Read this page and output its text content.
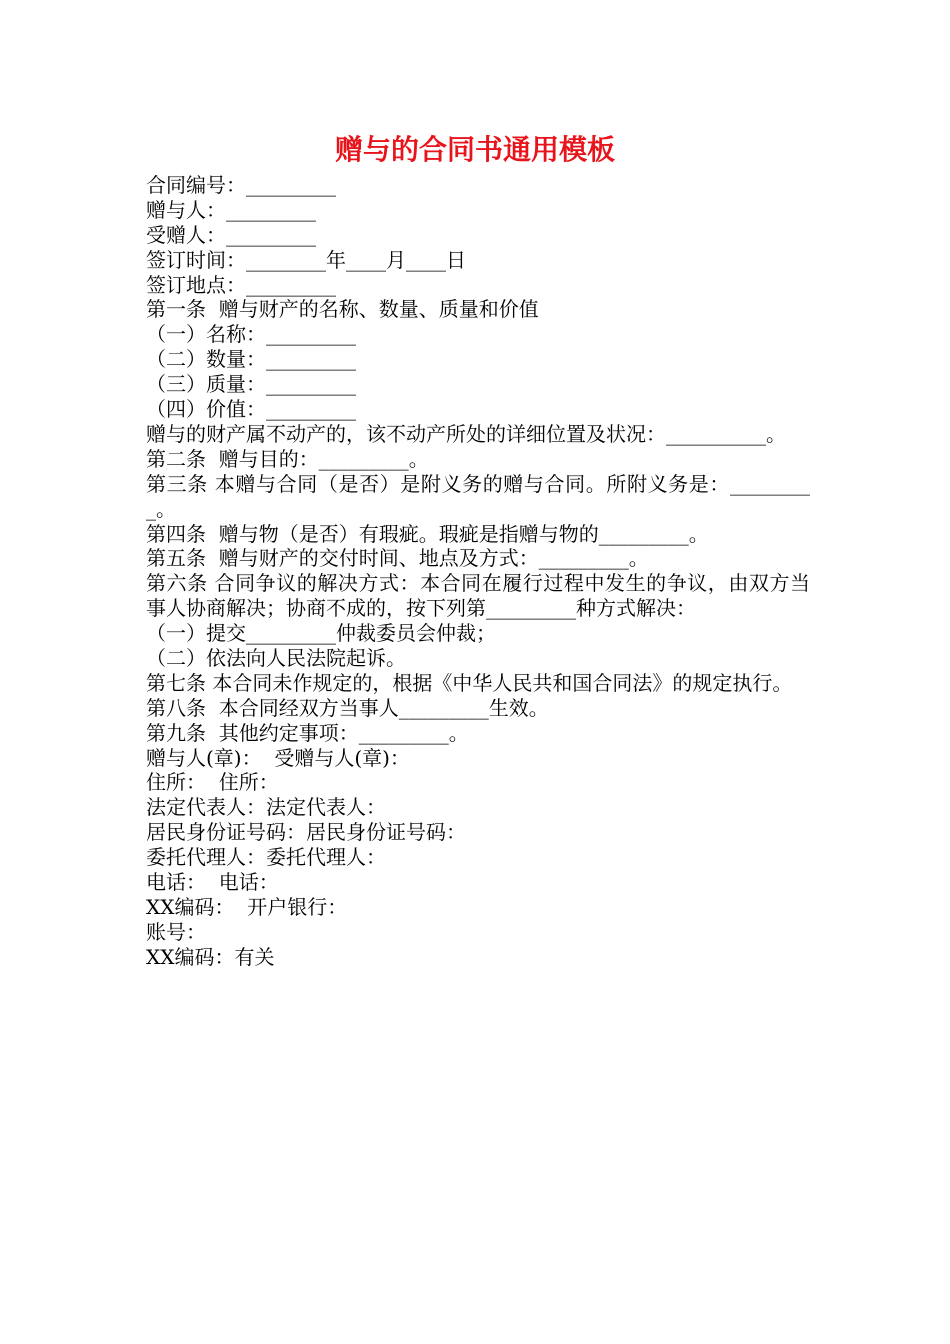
赠与的合同书通用模板
合同编号：_________
赠与人：_________
受赠人：_________
签订时间：________年____月____日
签订地点：_________
第一条  赠与财产的名称、数量、质量和价值
（一）名称：_________
（二）数量：_________
（三）质量：_________
（四）价值：_________
赠与的财产属不动产的，该不动产所处的详细位置及状况：__________。
第二条  赠与目的：_________。
第三条 本赠与合同（是否）是附义务的赠与合同。所附义务是：_________。
第四条  赠与物（是否）有瑕疵。瑕疵是指赠与物的_________。
第五条  赠与财产的交付时间、地点及方式：_________。
第六条 合同争议的解决方式：本合同在履行过程中发生的争议，由双方当事人协商解决；协商不成的，按下列第_________种方式解决：
（一）提交_________仲裁委员会仲裁；
（二）依法向人民法院起诉。
第七条 本合同未作规定的，根据《中华人民共和国合同法》的规定执行。
第八条  本合同经双方当事人_________生效。
第九条  其他约定事项：_________。
赠与人(章)：  受赠与人(章)：
住所：  住所：
法定代表人：法定代表人：
居民身份证号码：居民身份证号码：
委托代理人：委托代理人：
电话：  电话：
XX编码：  开户银行：
账号：
XX编码：有关
